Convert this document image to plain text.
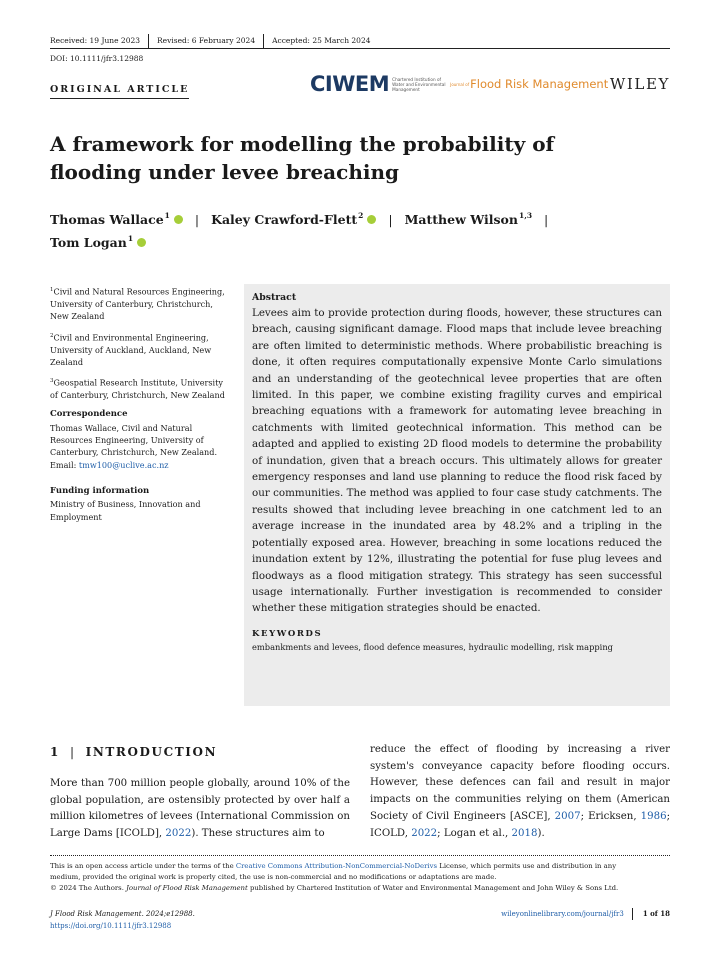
Received: 19 June 2023	Revised: 6 February 2024	Accepted: 25 March 2024
DOI: 10.1111/jfr3.12988
CIWEM Chartered Institution of Water and Environmental Management
Journal of Flood Risk Management WILEY
ORIGINAL ARTICLE
A framework for modelling the probability of flooding under levee breaching
Thomas Wallace$^1$ | Kaley Crawford-Flett$^2$ | Matthew Wilson$^{1,3}$ |
Tom Logan$^1$
$^1$Civil and Natural Resources Engineering, University of Canterbury, Christchurch, New Zealand
$^2$Civil and Environmental Engineering, University of Auckland, Auckland, New Zealand
$^3$Geospatial Research Institute, University of Canterbury, Christchurch, New Zealand
Correspondence
Thomas Wallace, Civil and Natural Resources Engineering, University of Canterbury, Christchurch, New Zealand. Email: tmw100@uclive.ac.nz
Funding information
Ministry of Business, Innovation and Employment
Abstract

Levees aim to provide protection during floods, however, these structures can breach, causing significant damage. Flood maps that include levee breaching are often limited to deterministic methods. Where probabilistic breaching is done, it often requires computationally expensive Monte Carlo simulations and an understanding of the geotechnical levee properties that are often limited. In this paper, we combine existing fragility curves and empirical breaching equations with a framework for automating levee breaching in catchments with limited geotechnical information. This method can be adapted and applied to existing 2D flood models to determine the probability of inundation, given that a breach occurs. This ultimately allows for greater emergency responses and land use planning to reduce the flood risk faced by our communities. The method was applied to four case study catchments. The results showed that including levee breaching in one catchment led to an average increase in the inundated area by 48.2% and a tripling in the potentially exposed area. However, breaching in some locations reduced the inundation extent by 12%, illustrating the potential for fuse plug levees and floodways as a flood mitigation strategy. This strategy has seen successful usage internationally. Further investigation is recommended to consider whether these mitigation strategies should be enacted.

KEYWORDS
embankments and levees, flood defence measures, hydraulic modelling, risk mapping
1 | INTRODUCTION
More than 700 million people globally, around 10% of the global population, are ostensibly protected by over half a million kilometres of levees (International Commission on Large Dams [ICOLD], 2022). These structures aim to
reduce the effect of flooding by increasing a river system's conveyance capacity before flooding occurs. However, these defences can fail and result in major impacts on the communities relying on them (American Society of Civil Engineers [ASCE], 2007; Ericksen, 1986; ICOLD, 2022; Logan et al., 2018).
This is an open access article under the terms of the Creative Commons Attribution-NonCommercial-NoDerivs License, which permits use and distribution in any
medium, provided the original work is properly cited, the use is non-commercial and no modifications or adaptations are made.
© 2024 The Authors. Journal of Flood Risk Management published by Chartered Institution of Water and Environmental Management and John Wiley & Sons Ltd.
J Flood Risk Management. 2024;e12988.
https://doi.org/10.1111/jfr3.12988
wileyonlinelibrary.com/journal/jfr3	1 of 18
